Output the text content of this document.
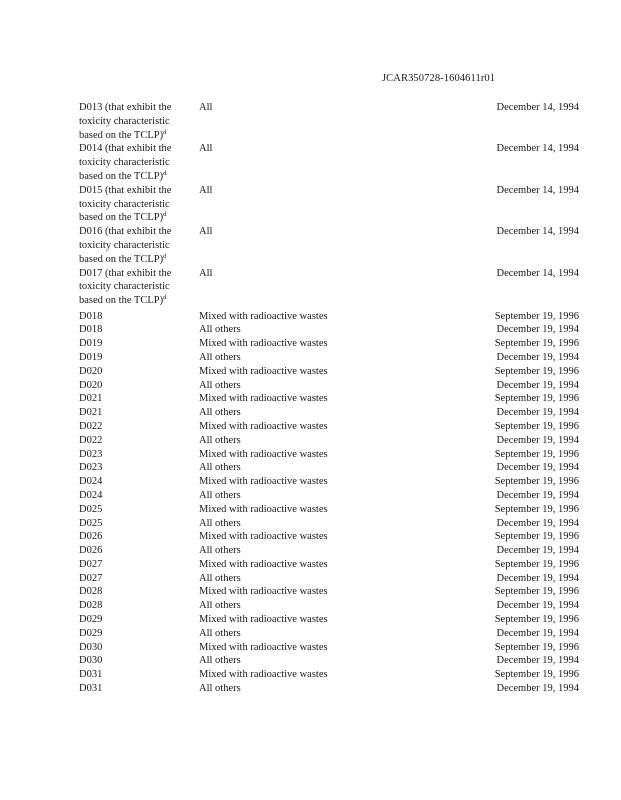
JCAR350728-1604611r01
D013 (that exhibit the
toxicity characteristic
based on the TCLP)$^d$
All	December 14, 1994
D014 (that exhibit the
toxicity characteristic
based on the TCLP)$^d$
All	December 14, 1994
D015 (that exhibit the
toxicity characteristic
based on the TCLP)$^d$
All	December 14, 1994
D016 (that exhibit the
toxicity characteristic
based on the TCLP)$^d$
All	December 14, 1994
D017 (that exhibit the
toxicity characteristic
based on the TCLP)$^d$
All	December 14, 1994
D018	Mixed with radioactive wastes	September 19, 1996
D018	All others	December 19, 1994
D019	Mixed with radioactive wastes	September 19, 1996
D019	All others	December 19, 1994
D020	Mixed with radioactive wastes	September 19, 1996
D020	All others	December 19, 1994
D021	Mixed with radioactive wastes	September 19, 1996
D021	All others	December 19, 1994
D022	Mixed with radioactive wastes	September 19, 1996
D022	All others	December 19, 1994
D023	Mixed with radioactive wastes	September 19, 1996
D023	All others	December 19, 1994
D024	Mixed with radioactive wastes	September 19, 1996
D024	All others	December 19, 1994
D025	Mixed with radioactive wastes	September 19, 1996
D025	All others	December 19, 1994
D026	Mixed with radioactive wastes	September 19, 1996
D026	All others	December 19, 1994
D027	Mixed with radioactive wastes	September 19, 1996
D027	All others	December 19, 1994
D028	Mixed with radioactive wastes	September 19, 1996
D028	All others	December 19, 1994
D029	Mixed with radioactive wastes	September 19, 1996
D029	All others	December 19, 1994
D030	Mixed with radioactive wastes	September 19, 1996
D030	All others	December 19, 1994
D031	Mixed with radioactive wastes	September 19, 1996
D031	All others	December 19, 1994
